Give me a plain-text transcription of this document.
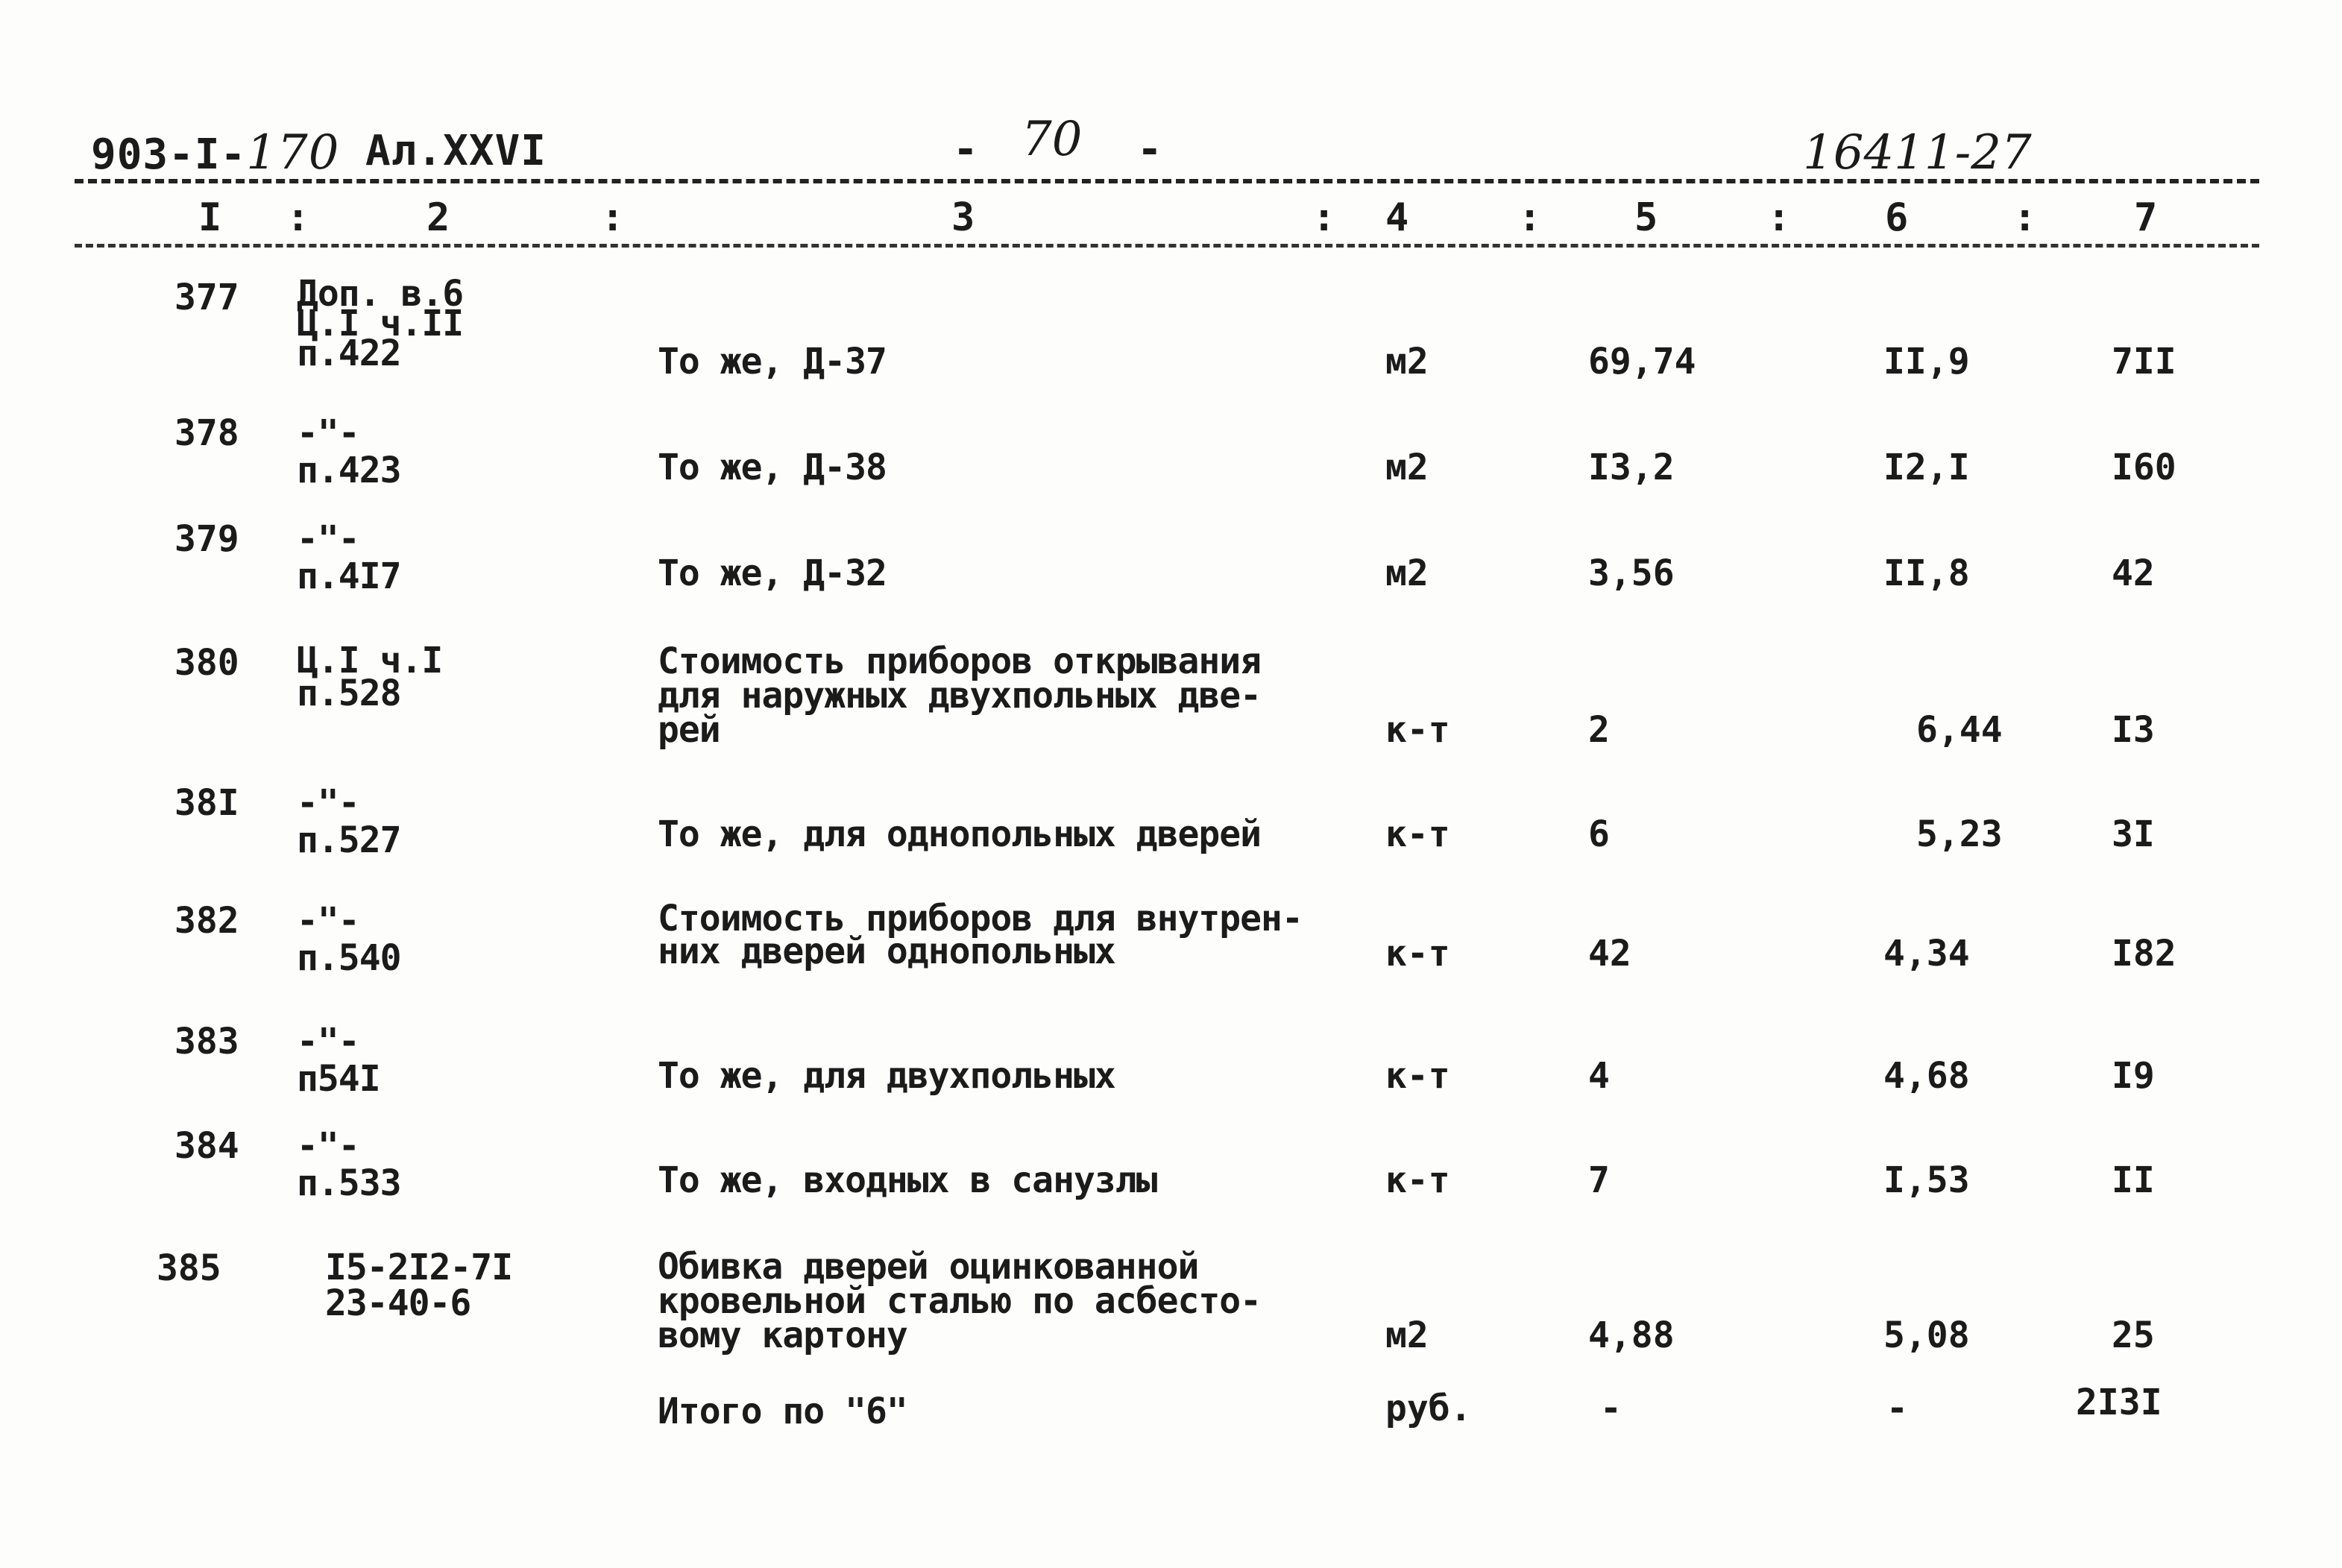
903-I-170 Ал.XXVI	- 70 -	16411-27
I :	2	:	3	: 4	: 5	: 6	:	7
377 Доп. в.6
Ц.I ч.II
п.422	То же, Д-37	м2	69,74	II,9	7II
378 -"-
п.423	То же, Д-38	м2	I3,2	I2,I	I60
379 -"-
п.4I7	То же, Д-32	м2	3,56	II,8	42
380 Ц.I ч.I
п.528
Стоимость приборов открывания
для наружных двухпольных две-
рей	к-т	2	6,44	I3
38I -"-
п.527	То же, для однопольных дверей	к-т	6	5,23	3I
382 -"-
п.540
Стоимость приборов для внутрен-
них дверей однопольных	к-т	42	4,34	I82
383 -"-
п54I	То же, для двухпольных	к-т	4	4,68	I9
384 -"-
п.533	То же, входных в санузлы	к-т	7	I,53	II
385	I5-2I2-7I
23-40-6
Обивка дверей оцинкованной
кровельной сталью по асбесто-
вому картону	м2	4,88	5,08	25
Итого по "6"	руб.	-	-	2I3I
